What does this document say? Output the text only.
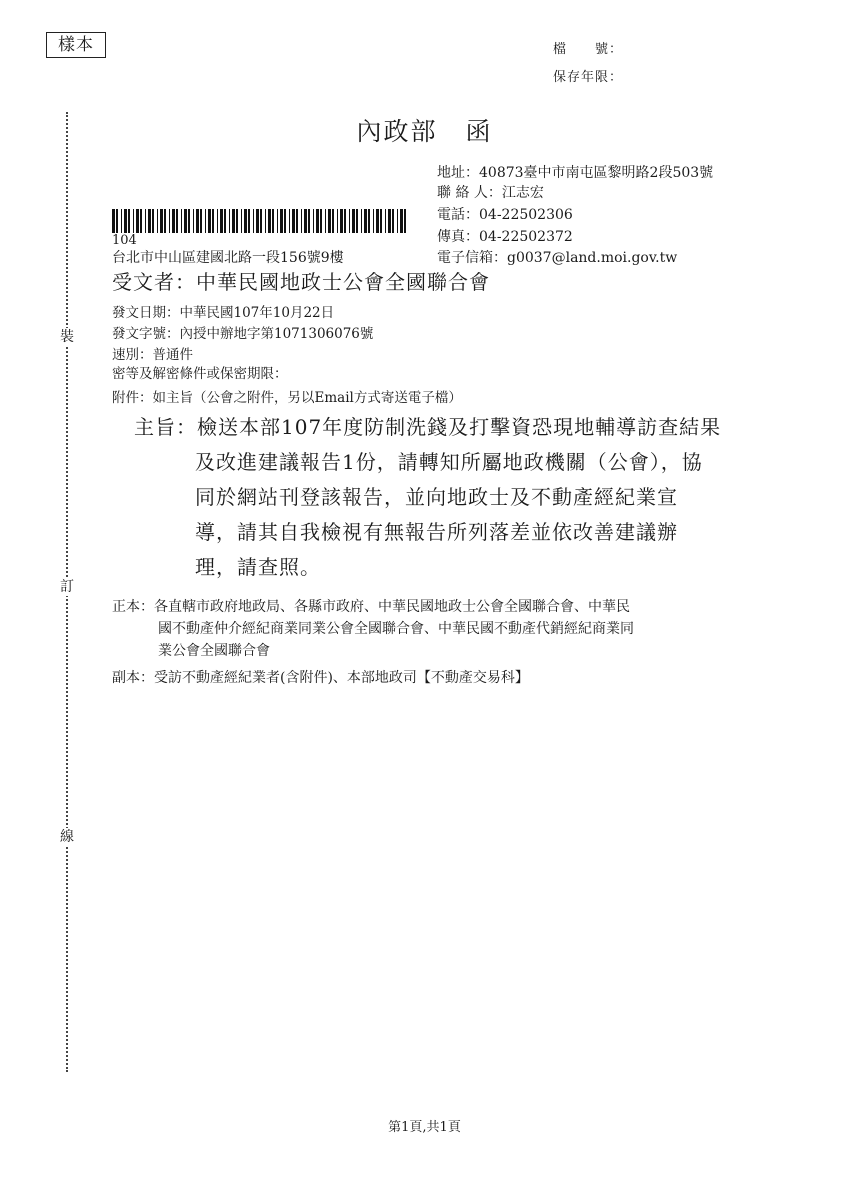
樣本	檔　　號：
保存年限：
內政部 函
地址：40873臺中市南屯區黎明路2段503號
聯 絡 人：江志宏
電話：04-22502306
傳真：04-22502372
電子信箱：g0037@land.moi.gov.tw
104
台北市中山區建國北路一段156號9樓
受文者：中華民國地政士公會全國聯合會
發文日期：中華民國107年10月22日
發文字號：內授中辦地字第1071306076號
速別：普通件
密等及解密條件或保密期限：
附件：如主旨（公會之附件，另以Email方式寄送電子檔）
主旨：檢送本部107年度防制洗錢及打擊資恐現地輔導訪查結果
及改進建議報告1份，請轉知所屬地政機關（公會），協
同於網站刊登該報告，並向地政士及不動產經紀業宣
導，請其自我檢視有無報告所列落差並依改善建議辦
理，請查照。
正本：各直轄市政府地政局、各縣市政府、中華民國地政士公會全國聯合會、中華民
國不動產仲介經紀商業同業公會全國聯合會、中華民國不動產代銷經紀商業同
業公會全國聯合會
副本：受訪不動產經紀業者(含附件)、本部地政司【不動產交易科】
裝
訂
線
第1頁,共1頁
